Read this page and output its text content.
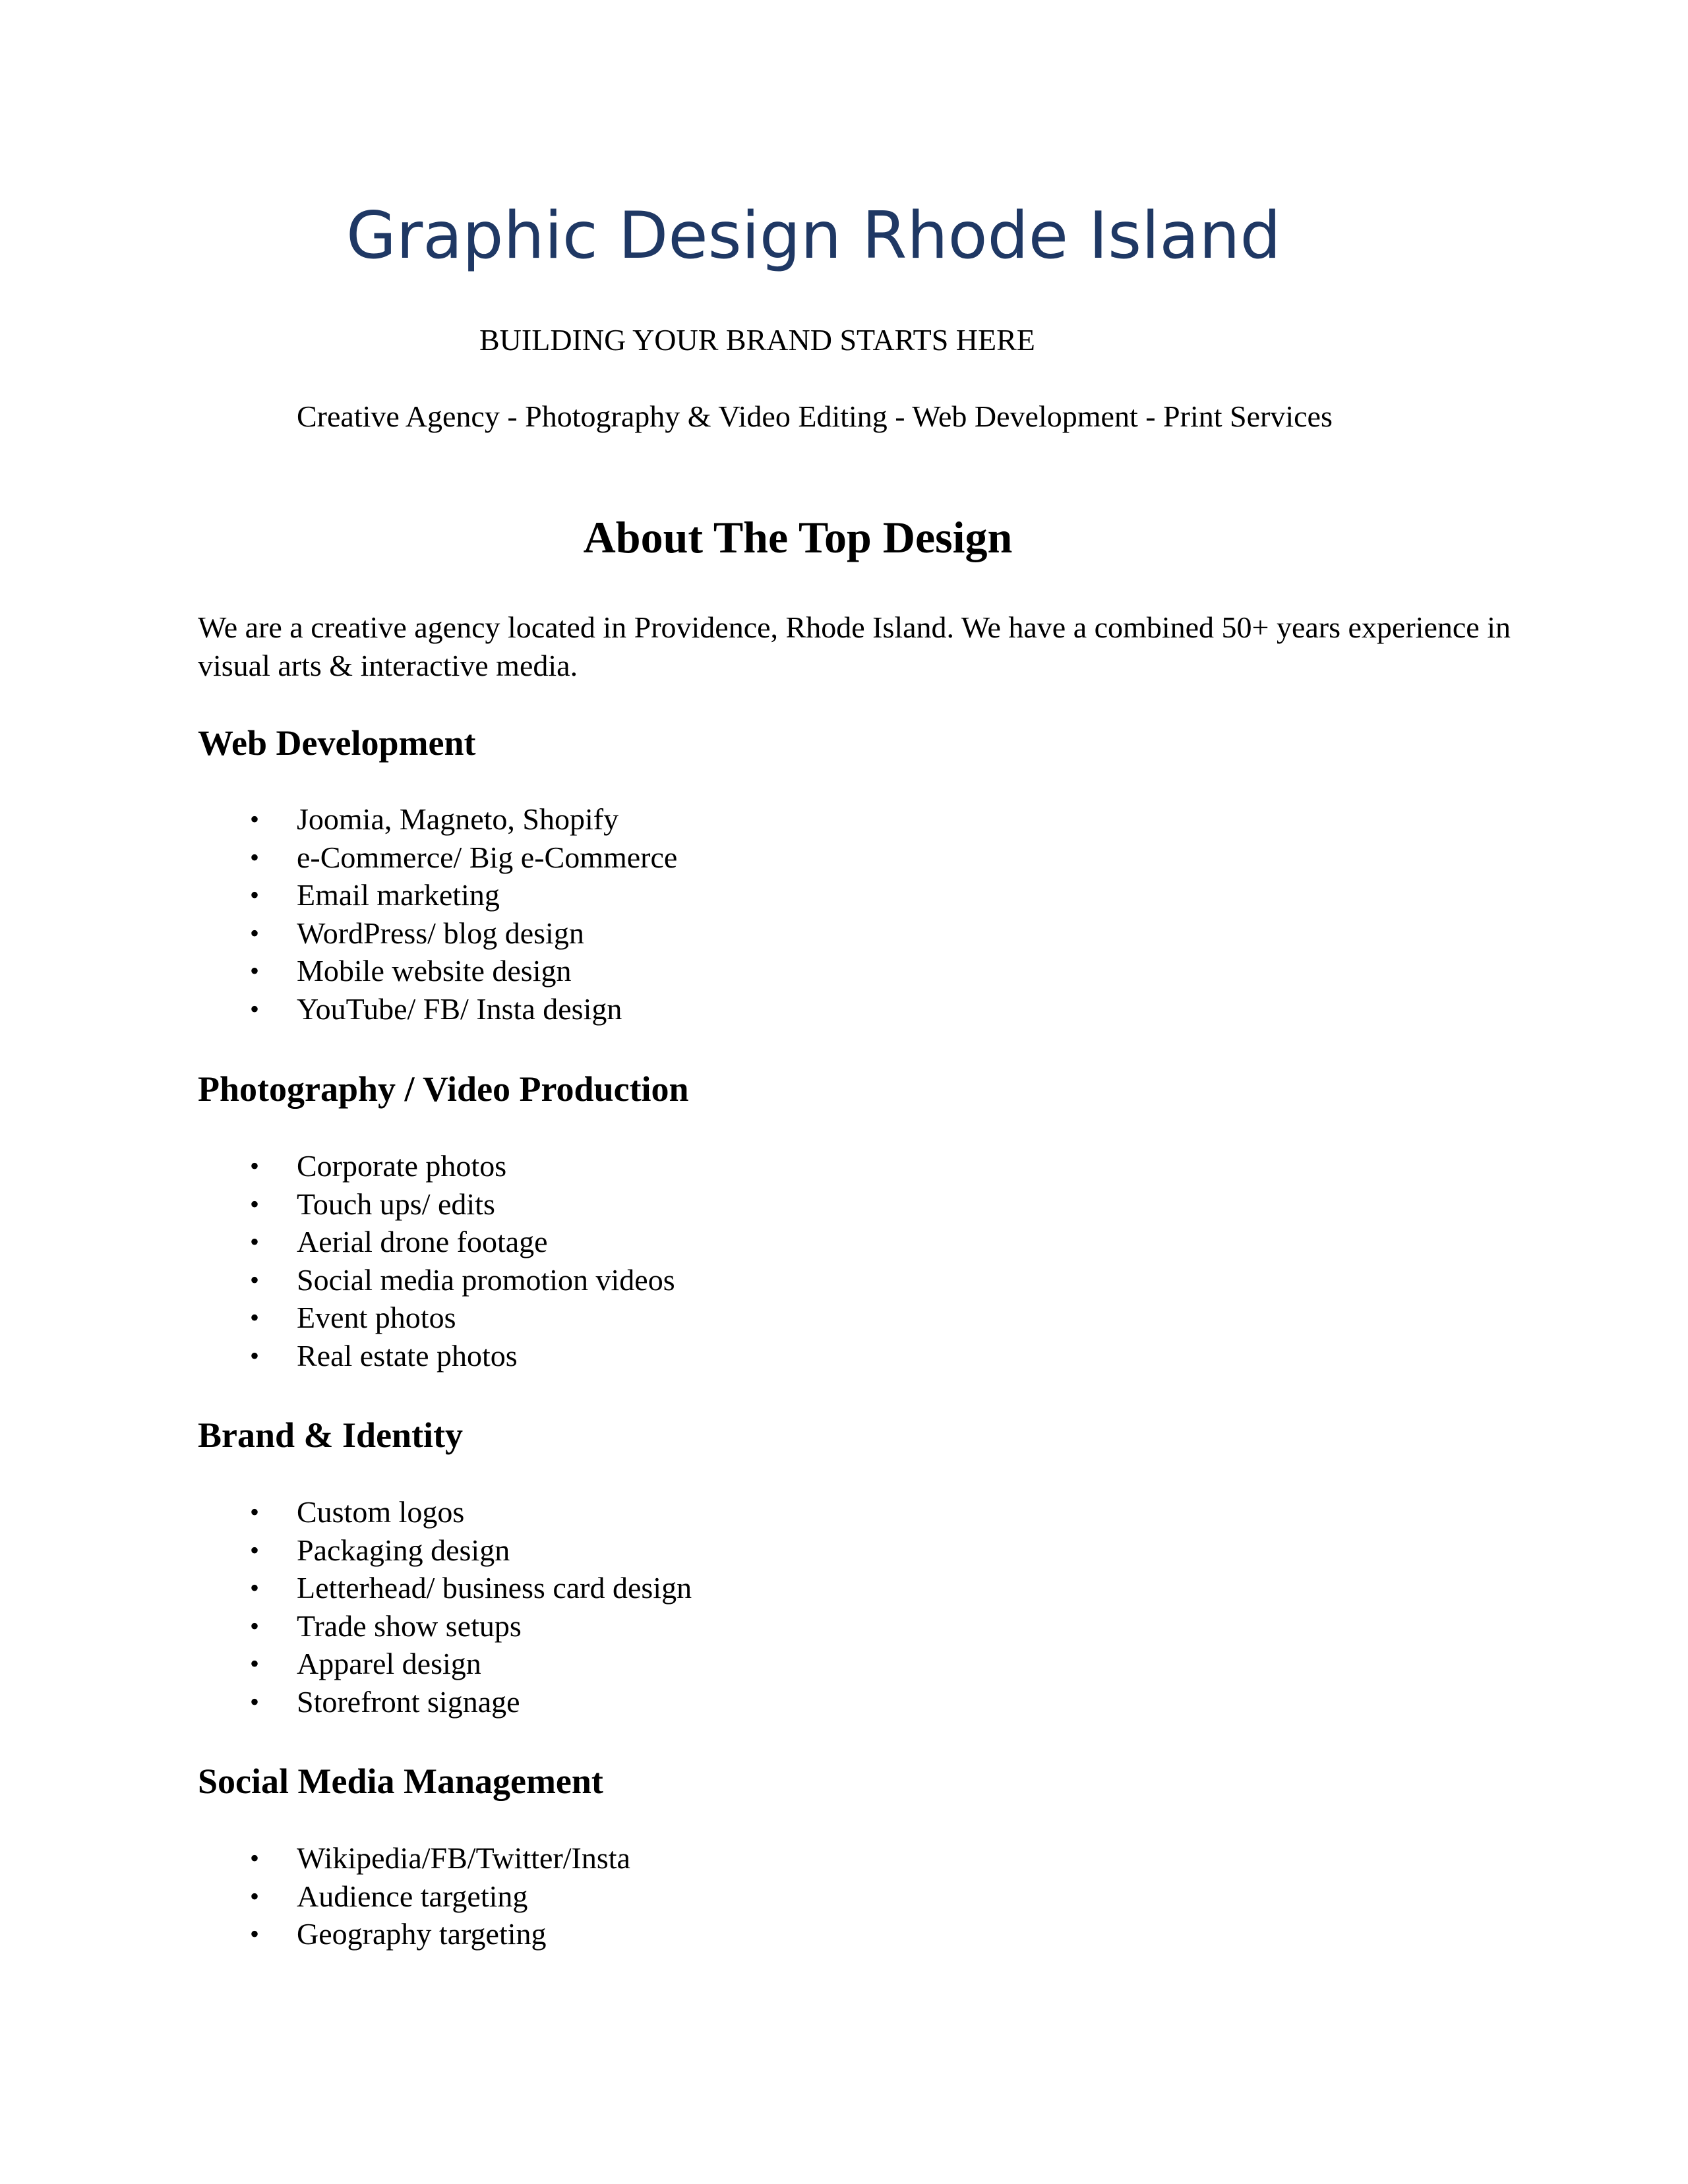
Graphic Design Rhode Island

BUILDING YOUR BRAND STARTS HERE

Creative Agency - Photography & Video Editing - Web Development - Print Services

About The Top Design

We are a creative agency located in Providence, Rhode Island. We have a combined 50+ years experience in visual arts & interactive media.

Web Development
• Joomia, Magneto, Shopify
• e-Commerce/ Big e-Commerce
• Email marketing
• WordPress/ blog design
• Mobile website design
• YouTube/ FB/ Insta design
Photography / Video Production
• Corporate photos
• Touch ups/ edits
• Aerial drone footage
• Social media promotion videos
• Event photos
• Real estate photos
Brand & Identity
• Custom logos
• Packaging design
• Letterhead/ business card design
• Trade show setups
• Apparel design
• Storefront signage
Social Media Management
• Wikipedia/FB/Twitter/Insta
• Audience targeting
• Geography targeting
